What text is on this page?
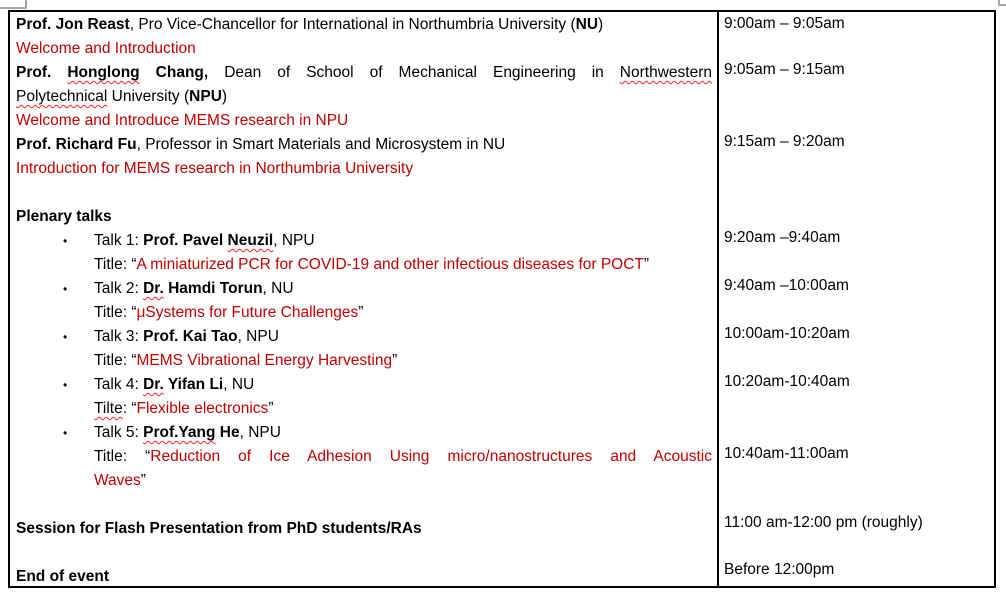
Prof. Jon Reast, Pro Vice-Chancellor for International in Northumbria University (NU)
Welcome and Introduction
Prof. Honglong Chang, Dean of School of Mechanical Engineering in Northwestern
Polytechnical University (NPU)
Welcome and Introduce MEMS research in NPU
Prof. Richard Fu, Professor in Smart Materials and Microsystem in NU
Introduction for MEMS research in Northumbria University
Plenary talks
• Talk 1: Prof. Pavel Neuzil, NPU
Title: “A miniaturized PCR for COVID-19 and other infectious diseases for POCT”
• Talk 2: Dr. Hamdi Torun, NU
Title: “μSystems for Future Challenges”
• Talk 3: Prof. Kai Tao, NPU
Title: “MEMS Vibrational Energy Harvesting”
• Talk 4: Dr. Yifan Li, NU
Tilte: “Flexible electronics”
• Talk 5: Prof.Yang He, NPU
Title: “Reduction of Ice Adhesion Using micro/nanostructures and Acoustic
Waves”
Session for Flash Presentation from PhD students/RAs
End of event
9:00am – 9:05am
9:05am – 9:15am
9:15am – 9:20am
9:20am –9:40am
9:40am –10:00am
10:00am-10:20am
10:20am-10:40am
10:40am-11:00am
11:00 am-12:00 pm (roughly)
Before 12:00pm
